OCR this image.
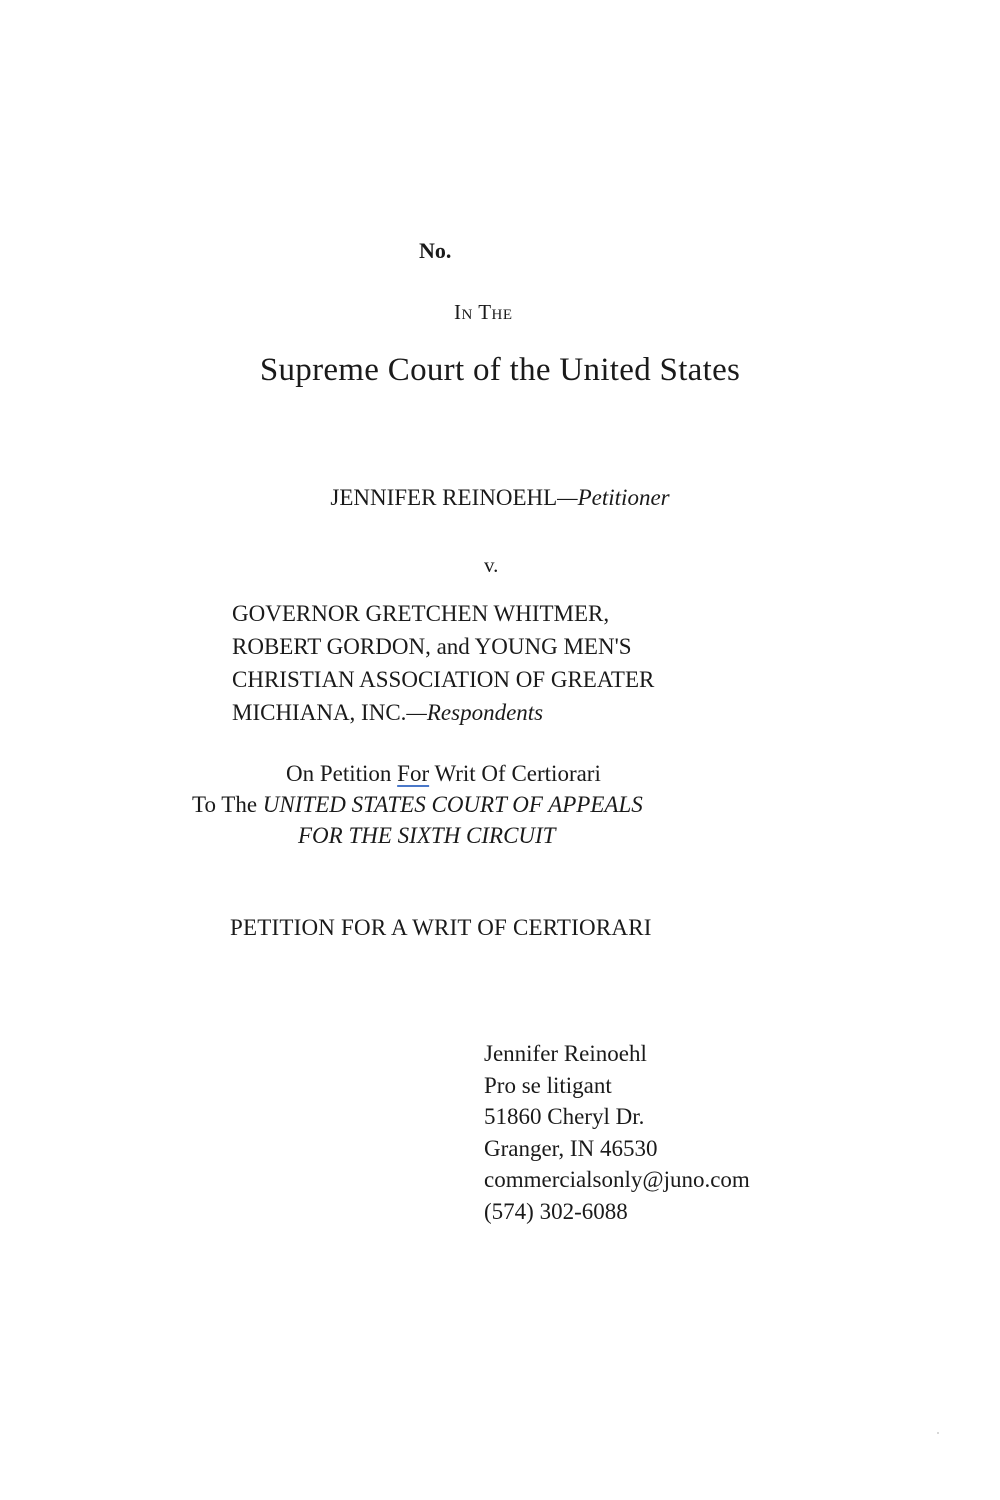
No.
In The
Supreme Court of the United States
JENNIFER REINOEHL—Petitioner
v.
GOVERNOR GRETCHEN WHITMER,
ROBERT GORDON, and YOUNG MEN'S
CHRISTIAN ASSOCIATION OF GREATER
MICHIANA, INC.—Respondents
On Petition For Writ Of Certiorari
To The UNITED STATES COURT OF APPEALS
FOR THE SIXTH CIRCUIT
PETITION FOR A WRIT OF CERTIORARI
Jennifer Reinoehl
Pro se litigant
51860 Cheryl Dr.
Granger, IN 46530
commercialsonly@juno.com
(574) 302-6088
